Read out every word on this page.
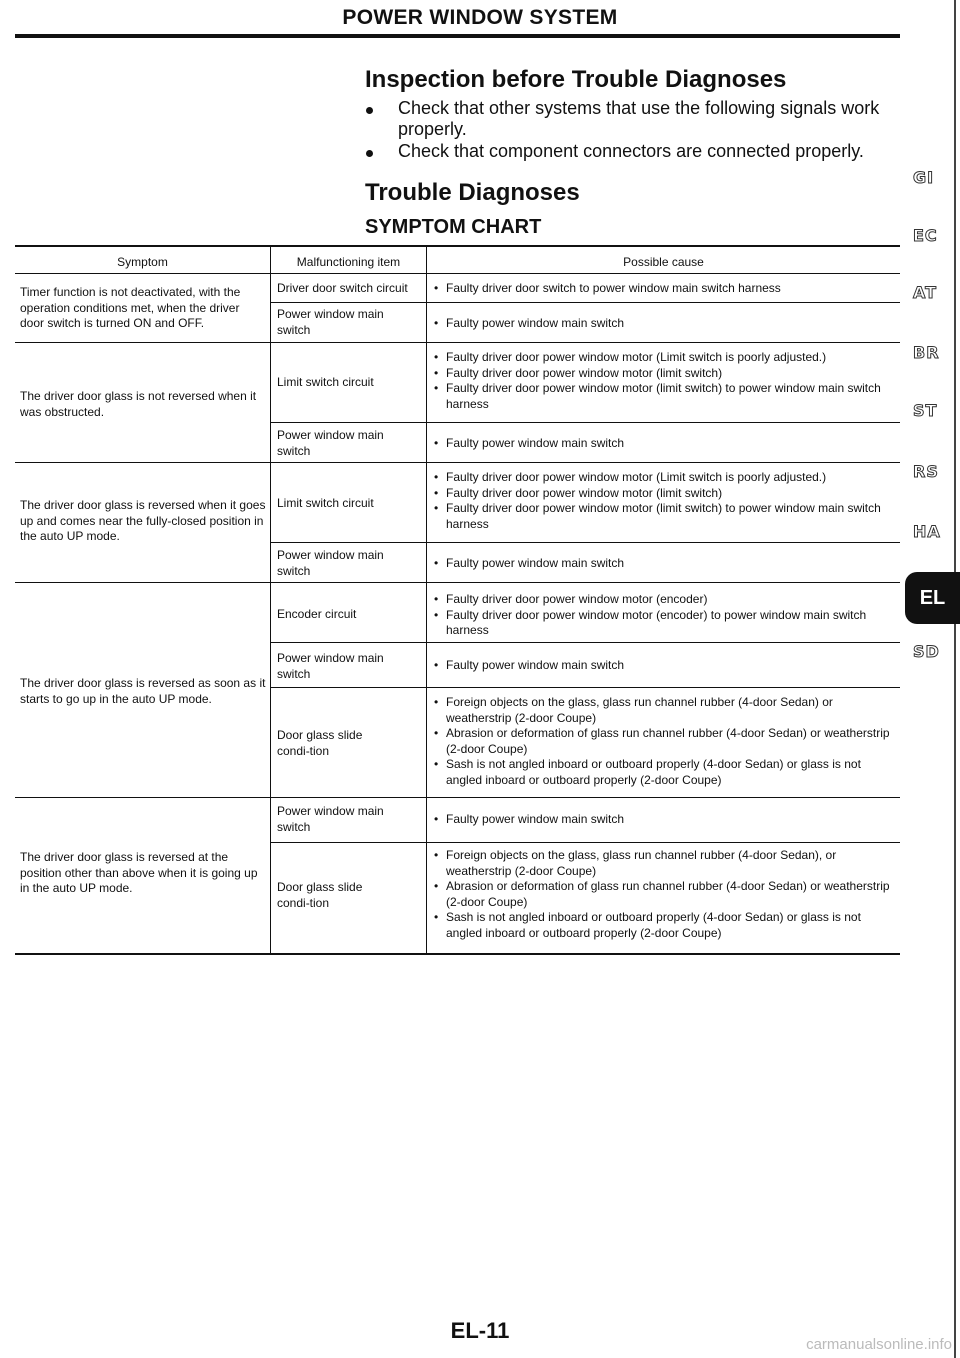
POWER WINDOW SYSTEM
Inspection before Trouble Diagnoses
Check that other systems that use the following signals work properly.
Check that component connectors are connected properly.
Trouble Diagnoses
SYMPTOM CHART
Symptom	Malfunctioning item	Possible cause
Timer function is not deactivated, with the operation conditions met, when the driver door switch is turned ON and OFF.
The driver door glass is not reversed when it was obstructed.
The driver door glass is reversed when it goes up and comes near the fully-closed position in the auto UP mode.
The driver door glass is reversed as soon as it starts to go up in the auto UP mode.
The driver door glass is reversed at the position other than above when it is going up in the auto UP mode.
Driver door switch circuit
Power window main switch
Limit switch circuit
Power window main switch
Limit switch circuit
Power window main switch
Encoder circuit
Power window main switch
Door glass slide condi-tion
Power window main switch
Door glass slide condi-tion
• Faulty driver door switch to power window main switch harness
• Faulty power window main switch
• Faulty driver door power window motor (Limit switch is poorly adjusted.)
• Faulty driver door power window motor (limit switch)
• Faulty driver door power window motor (limit switch) to power window main switch harness
• Faulty power window main switch
• Faulty driver door power window motor (Limit switch is poorly adjusted.)
• Faulty driver door power window motor (limit switch)
• Faulty driver door power window motor (limit switch) to power window main switch harness
• Faulty power window main switch
• Faulty driver door power window motor (encoder)
• Faulty driver door power window motor (encoder) to power window main switch harness
• Faulty power window main switch
• Foreign objects on the glass, glass run channel rubber (4-door Sedan) or weatherstrip (2-door Coupe)
• Abrasion or deformation of glass run channel rubber (4-door Sedan) or weatherstrip (2-door Coupe)
• Sash is not angled inboard or outboard properly (4-door Sedan) or glass is not angled inboard or outboard properly (2-door Coupe)
• Faulty power window main switch
• Foreign objects on the glass, glass run channel rubber (4-door Sedan), or weatherstrip (2-door Coupe)
• Abrasion or deformation of glass run channel rubber (4-door Sedan) or weatherstrip (2-door Coupe)
• Sash is not angled inboard or outboard properly (4-door Sedan) or glass is not angled inboard or outboard properly (2-door Coupe)
GI
EC
AT
BR
ST
RS
HA
EL
SD
EL-11
carmanualsonline.info
